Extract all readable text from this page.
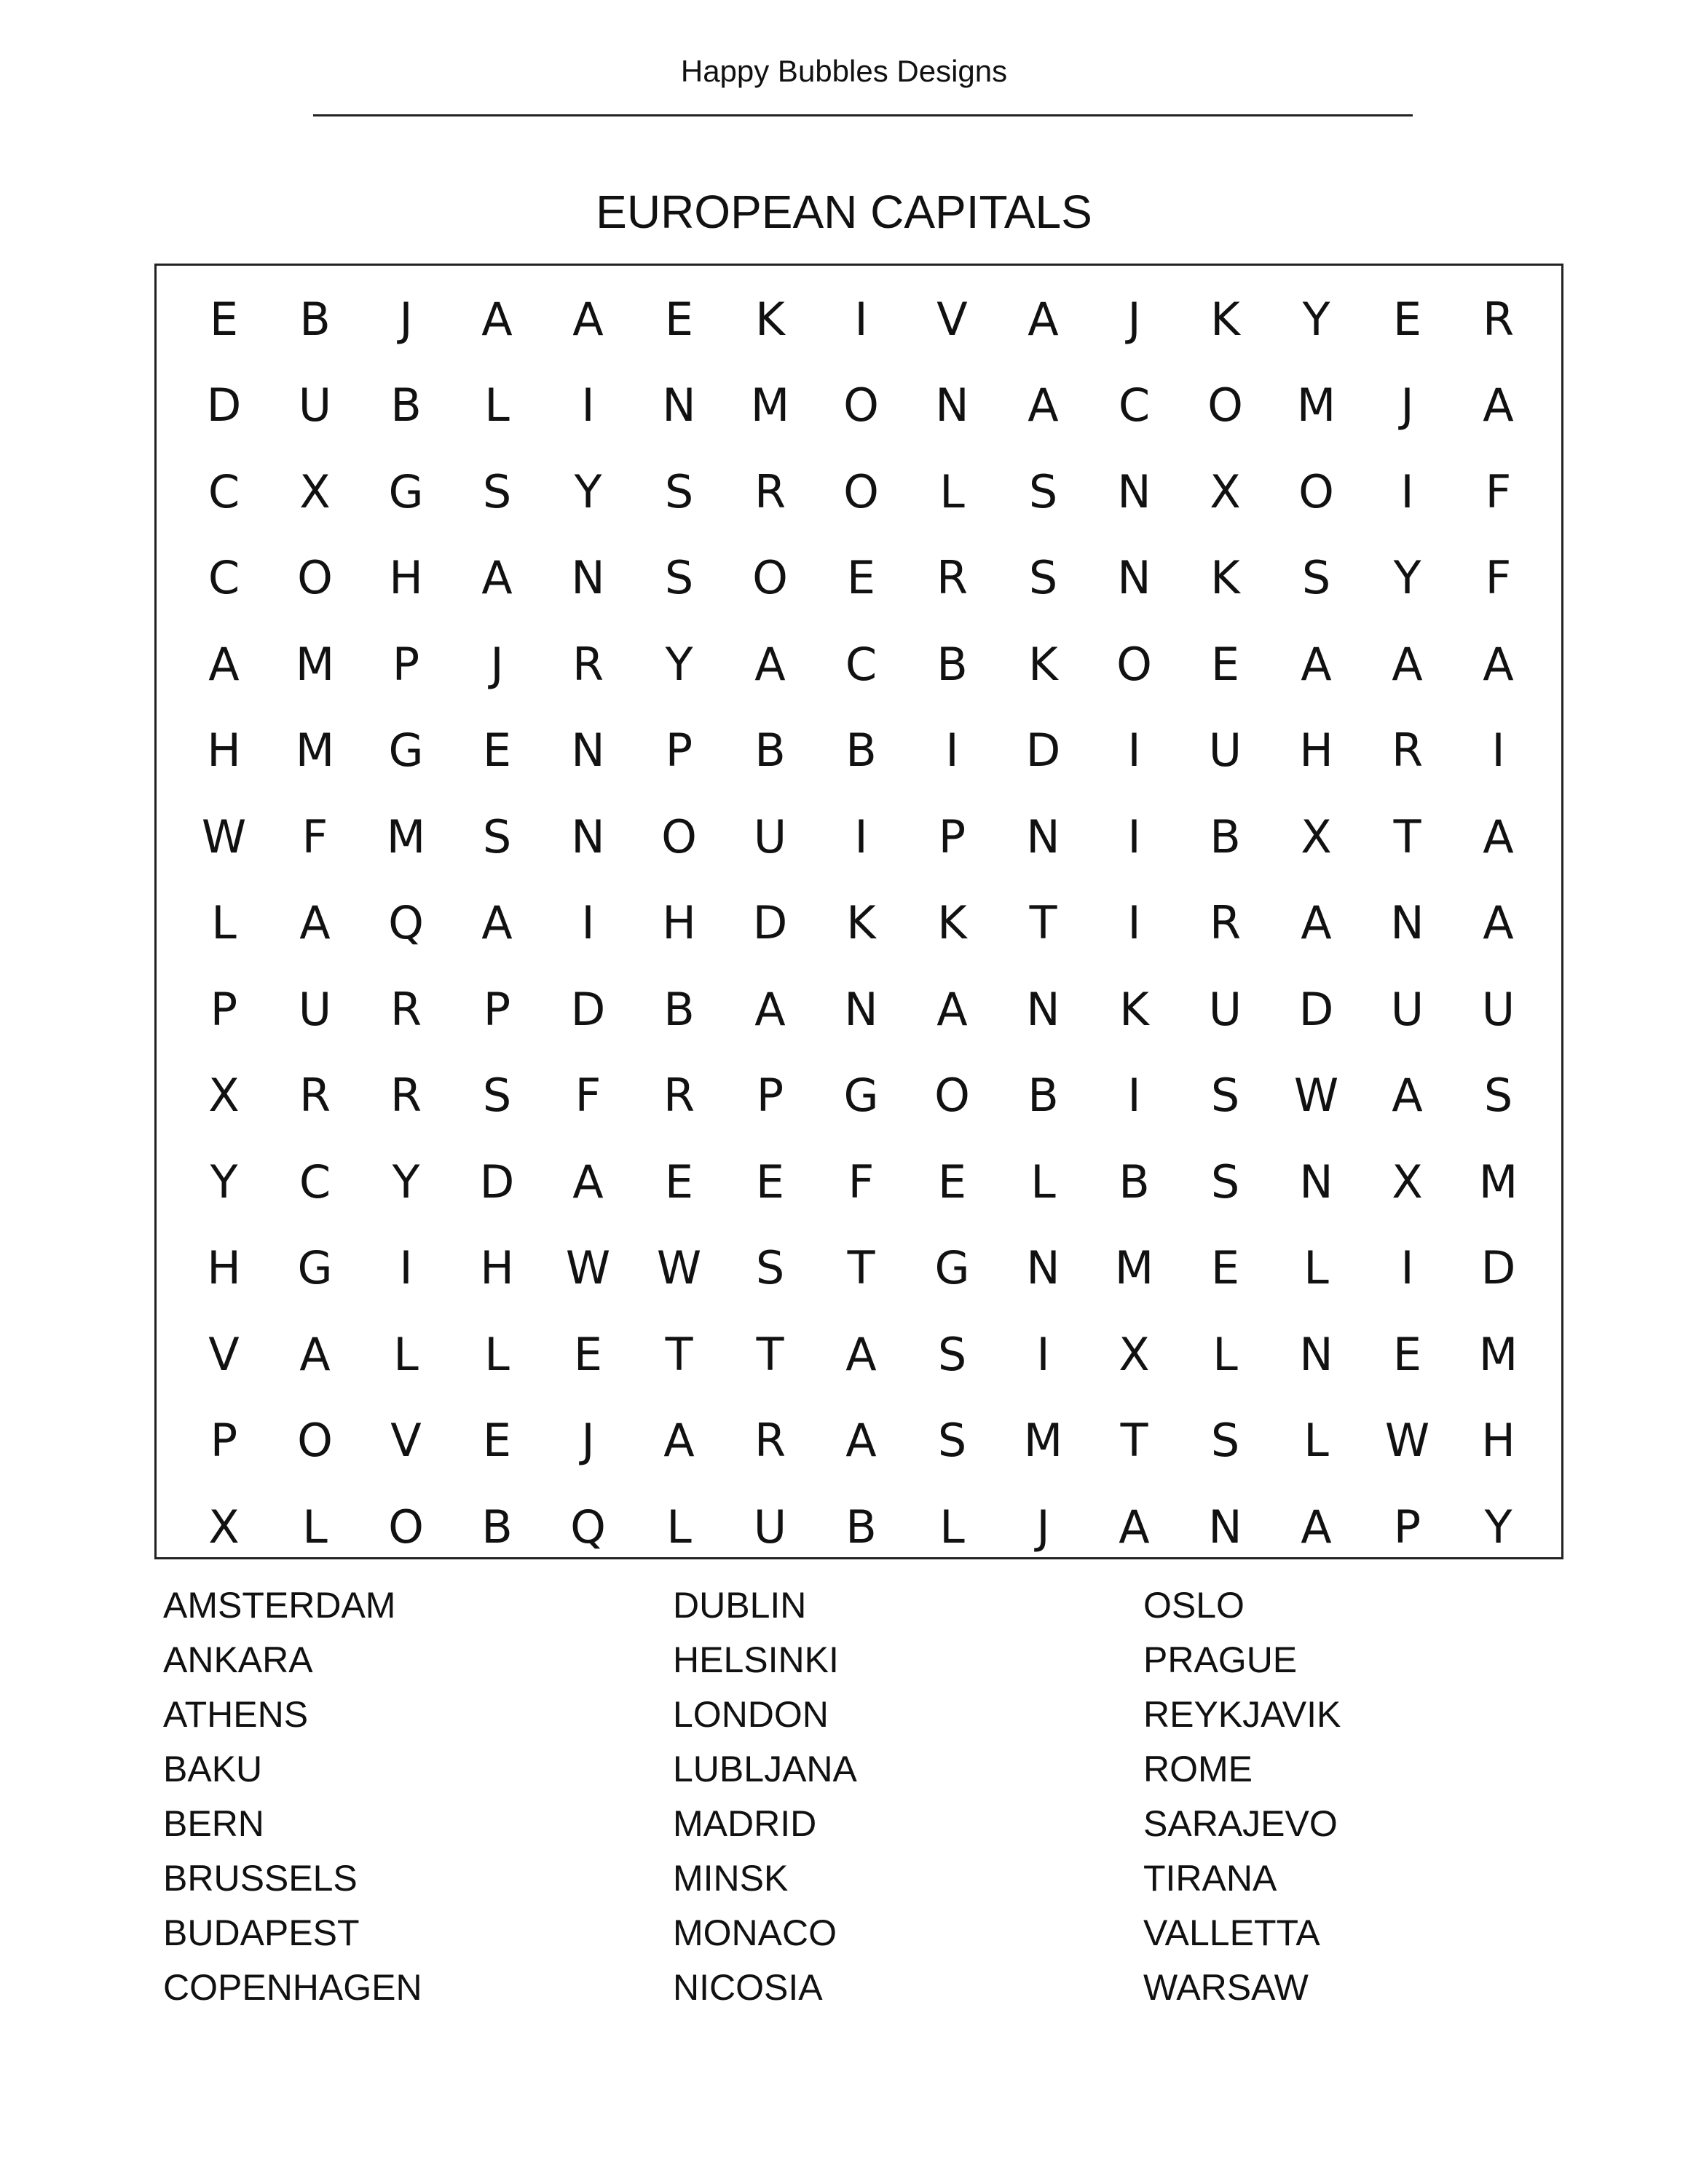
Happy Bubbles Designs
EUROPEAN CAPITALS
E	B	J	A	A	E	K	I	V	A	J	K	Y	E	R
D	U	B	L	I	N	M	O	N	A	C	O	M	J	A
C	X	G	S	Y	S	R	O	L	S	N	X	O	I	F
C	O	H	A	N	S	O	E	R	S	N	K	S	Y	F
A	M	P	J	R	Y	A	C	B	K	O	E	A	A	A
H	M	G	E	N	P	B	B	I	D	I	U	H	R	I
W	F	M	S	N	O	U	I	P	N	I	B	X	T	A
L	A	Q	A	I	H	D	K	K	T	I	R	A	N	A
P	U	R	P	D	B	A	N	A	N	K	U	D	U	U
X	R	R	S	F	R	P	G	O	B	I	S	W	A	S
Y	C	Y	D	A	E	E	F	E	L	B	S	N	X	M
H	G	I	H	W	W	S	T	G	N	M	E	L	I	D
V	A	L	L	E	T	T	A	S	I	X	L	N	E	M
P	O	V	E	J	A	R	A	S	M	T	S	L	W	H
X	L	O	B	Q	L	U	B	L	J	A	N	A	P	Y
AMSTERDAM
ANKARA
ATHENS
BAKU
BERN
BRUSSELS
BUDAPEST
COPENHAGEN
DUBLIN
HELSINKI
LONDON
LUBLJANA
MADRID
MINSK
MONACO
NICOSIA
OSLO
PRAGUE
REYKJAVIK
ROME
SARAJEVO
TIRANA
VALLETTA
WARSAW
